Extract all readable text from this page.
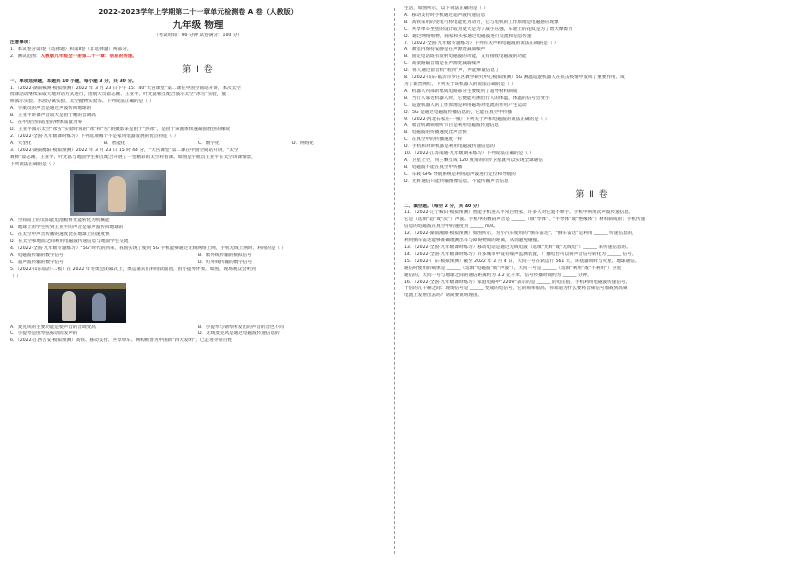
2022-2023学年上学期第二十一章单元检测卷 A 卷（人教版）

九年级 物理

（考试时间：90 分钟 试卷满分：100 分）

注意事项：

1．本试卷分第Ⅰ卷（选择题）和第Ⅱ卷（非选择题）两部分。

2．测试范围：人教版九年级全一册第二十一章：信息的传递。

第 Ⅰ 卷

一、单项选择题，本题共 10 小题，每小题 3 分，共 30 分。

1．（2022·湖南株洲·模拟预测）2022 年 3 月 23 日下午 15：40“天宫课堂”第二课在中国空间站开讲，本次太空

授课活动继续采取天地对话方式进行，由航天员翟志刚、王亚平、叶光富相互配合演示太空“冰雪”实验，液

桥演示实验、水油分离实验、太空抛物实验等。下列说法正确的是（ ）

A．宇航员的声音是通过声波传回地球的

B．王亚平讲课声音较大是由于她的音调高

C．在中国空间站里的物体质量为零

D．王亚平演示太空“冰雪”实验时说的“冰”和“雪”由摄影来是由于“热冰”，是由于该液体快速凝固放热的缘故

2．（2022·全国·九年级课时练习）下列选项哪个不是家用电器发展的优点特征（ ）

A．大型化	B．智能化	C．数字化	D．网络化

3．（2022·湖南衡阳·模拟预测）2022 年 3 月 23 日 15 时 44 分，“天宫课堂”第二课在中国空间站开讲，“太空

教师”翟志刚、王亚平、叶光富与地面学生相互配合开展了一堂精彩的太空科普课。如图是宇航员王亚平在太空讲课情景，

下列说法正确的是（ ）

A．空间站上的太阳能电池板将光能转化为机械能

B．地球上的学生听到王亚平的声音是靠声波传回地球的

C．在太空中声音传播的速度比在地球上的速度快

D．在太空和地面之间利用电磁波传递信息与地面学生交流

4．（2022·全国·九年级专题练习）“5G”时代的到来，我国实现了使用 5G 手机能够通过无线网络上网，手机无线上网时，利用的是（ ）

A．电磁波传输的数字信号	B．紫外线传输的模拟信号

C．超声波传输的数字信号	D．红外线传输的数字信号

5．（2022·山东临沂·二模）在 2022 年冬奥会闭幕式上，奥运嘉宾们利用软面团，由小提琴伴奏。如图，现场观众会听到

（ ）

A．麦克风的主要功能是使声音的音调变高	B．小提琴与钢琴所发出的声音的音色不同

C．小提琴是由琴弦振动而发声的	D．无线麦克风是通过电磁波传递信息的

6．（2022·江西吉安·模拟预测）高铁、移动支付、共享单车、网购被誉为中国新“四大发明”，已走进寻常百姓

生活，如图所示，以下说法正确的是（ ）

A．移动支付时手机通过超声波传递信息

B．高铁采用的受电弓将电能化为动力，它与电机的工作原理是电磁感应现象

C．共享单车坐垫的设计较为宽大是为了减小压强，车轮上的花纹是为了增大摩擦力

D．通过网络购物，商家和买家通过电磁波进行交流和信息传递

7．（2022·全国·九年级专题练习）下列有关声和电磁波的说法正确的是（ ）

A．教室内保持安静是在声源处减弱噪声

B．固定电话既有发射电磁波的功能，又有接收电磁波的功能

C．高架路隔音墙是在声源处减弱噪声

D．将人通过留音机“看到”声，声能够量信息了

8．（2022·山东·临沂市罗庄区教学研究中心模拟预测）5G 测温巡逻机器人在抗击疫情中发挥了重要作用，成

为了新晋网红，下列关于该机器人的说法正确的是（ ）

A．机器人内部的集成电路部分主要使用了超导材料制成

B．当行人靠近机器人时，它便能可测出行人的体温，体温的信号会变小

C．巡逻机器人的工作原理是利用磁场对电流的作用产生运动

D．5G 是通过电磁波传播信息的，它能在真空中传播

9．（2022·河北石家庄·一模）下列关于声和电磁波的说法正确的是（ ）

A．收音机调频收听节目是利用电磁波传递信息

B．电磁波的传播速度比声音快

C．在真空中的传播速度一样

D．手机和对讲机都是利用电磁波传递信息的

10．（2022·江苏南通·九年级期末练习）下列说法正确的是（ ）

A．卫星上空，用三颗互成 120 度角的同步卫星就可以实现全球通信

B．电磁波不能在真空中传播

C．车载 GPS 导航系统是利用超声波进行定位和导航的

D．光纤通信只能传输图像信息，不能传输声音信息

第 Ⅱ 卷

二、填空题。（每空 2 分，共 40 分）

11．（2022·辽宁鞍山·模拟预测）智能手机进入平常百姓家，许多人对它爱不释手。手机中利用次声波传递信息，

它是（选填“超”或“次”）声波。手机中的数码声音是 ______（填“导体”、“半导体”或“绝缘体”）材料制成的；手机传递

信息的电磁波在真空中的速度为 ______ m/s。

12．（2022·湖南湘潭·模拟预测）如图所示，为小汽车使用的“倒车雷达”，“倒车雷达”是利用 ______ 传递信息的，

利用倒车雷达能够准确地测出车与障碍物间的距离，从而避免碰撞。

13．（2022·全国·九年级课时练习）移动电话是通过无线电波（选填“光纤”或“无线电”）______ 来传递信息的。

14．（2022·全国·九年级课时练习）许多城市中设有噪声监测装置，广播电台可以将声音信号转化为 ______ 信号。

15．（2022·广东·模拟预测）截至 2022 年 2 月 4 日，天问一号在轨运行 561 天，环绕器同时与火星、地球通信。

通信时使用的载体是 ______（选填“电磁波”或“声波”），天问一号是 ______（选填“利用”或“不利用”）卫星

通信的，天问一号与地球之间的通信距离约为 3.2 亿千米，信号传播时间约为 ______ 分钟。

16．（2022·全国·九年级课时练习）家庭电路中“220V”表示的是 ______ 的电压值，手机利用电磁波传递信号。

十倍的几千赫之间；现场信号是 ______ 变成的电信号，它的频率很高，你知道为什么要将音频信号加载到高频

电流上发射出去吗？请简要说明理由。
